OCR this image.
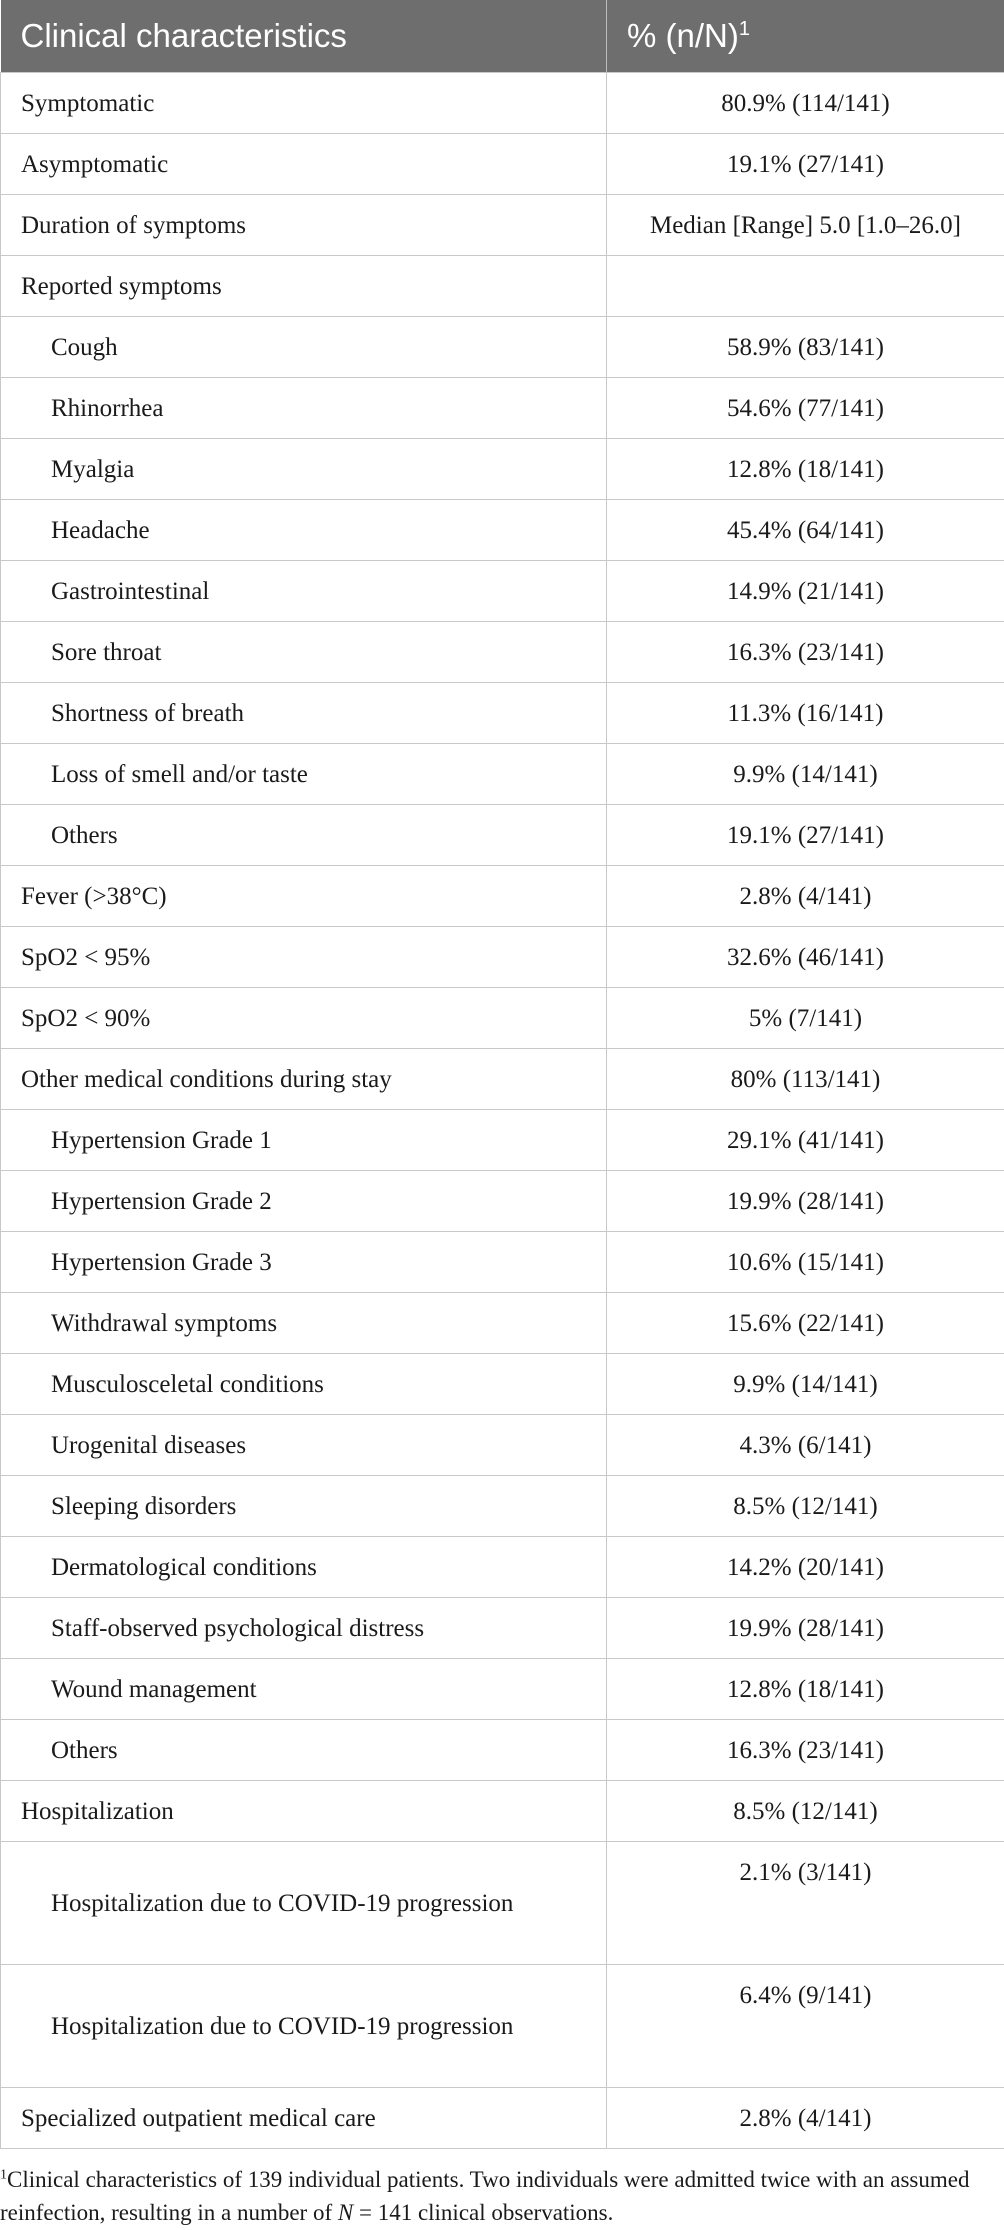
Clinical characteristics	% $(n/N)^1$
Symptomatic	80.9% (114/141)
Asymptomatic	19.1% (27/141)
Duration of symptoms	Median [Range] 5.0 [1.0–26.0]
Reported symptoms	
Cough	58.9% (83/141)
Rhinorrhea	54.6% (77/141)
Myalgia	12.8% (18/141)
Headache	45.4% (64/141)
Gastrointestinal	14.9% (21/141)
Sore throat	16.3% (23/141)
Shortness of breath	11.3% (16/141)
Loss of smell and/or taste	9.9% (14/141)
Others	19.1% (27/141)
Fever (>38°C)	2.8% (4/141)
SpO2 < 95%	32.6% (46/141)
SpO2 < 90%	5% (7/141)
Other medical conditions during stay	80% (113/141)
Hypertension Grade 1	29.1% (41/141)
Hypertension Grade 2	19.9% (28/141)
Hypertension Grade 3	10.6% (15/141)
Withdrawal symptoms	15.6% (22/141)
Musculosceletal conditions	9.9% (14/141)
Urogenital diseases	4.3% (6/141)
Sleeping disorders	8.5% (12/141)
Dermatological conditions	14.2% (20/141)
Staff-observed psychological distress	19.9% (28/141)
Wound management	12.8% (18/141)
Others	16.3% (23/141)
Hospitalization	8.5% (12/141)
Hospitalization due to COVID-19 progression	2.1% (3/141)
Hospitalization due to COVID-19 progression	6.4% (9/141)
Specialized outpatient medical care	2.8% (4/141)
$^1$Clinical characteristics of 139 individual patients. Two individuals were admitted twice with an assumed reinfection, resulting in a number of N = 141 clinical observations.
